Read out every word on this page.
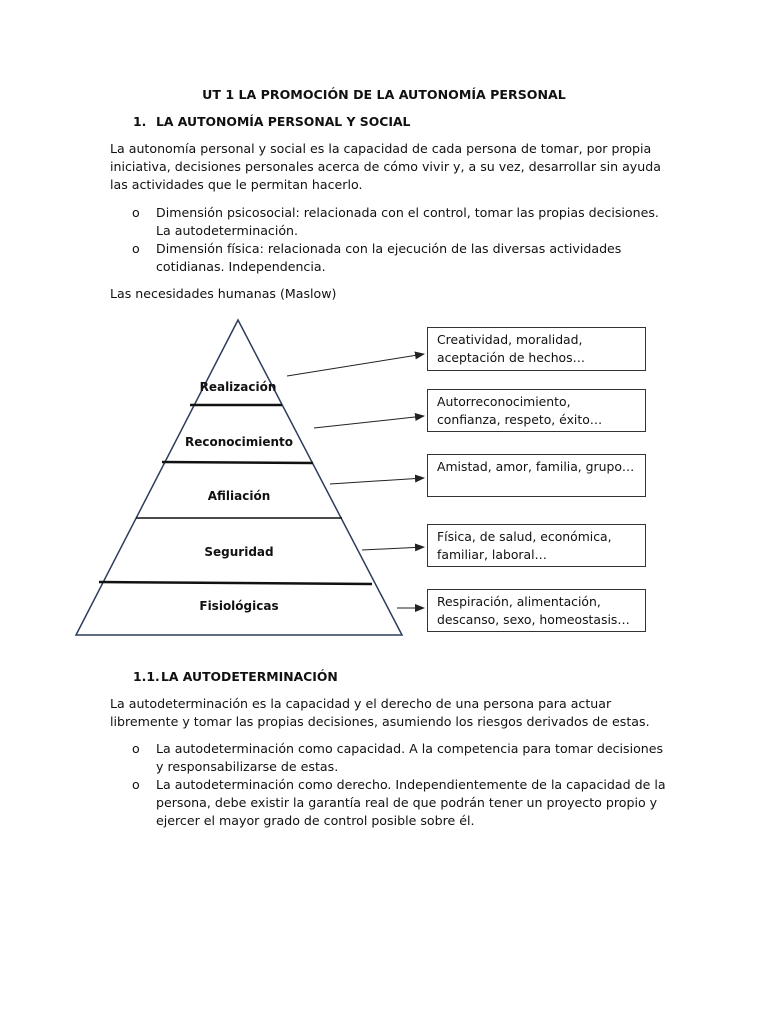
UT 1 LA PROMOCIÓN DE LA AUTONOMÍA PERSONAL
1. LA AUTONOMÍA PERSONAL Y SOCIAL
La autonomía personal y social es la capacidad de cada persona de tomar, por propia iniciativa, decisiones personales acerca de cómo vivir y, a su vez, desarrollar sin ayuda las actividades que le permitan hacerlo.
o Dimensión psicosocial: relacionada con el control, tomar las propias decisiones. La autodeterminación.
o Dimensión física: relacionada con la ejecución de las diversas actividades cotidianas. Independencia.
Las necesidades humanas (Maslow)
Realización
Reconocimiento
Afiliación
Seguridad
Fisiológicas
Creatividad, moralidad, aceptación de hechos…
Autorreconocimiento, confianza, respeto, éxito…
Amistad, amor, familia, grupo…
Física, de salud, económica, familiar, laboral…
Respiración, alimentación, descanso, sexo, homeostasis…
1.1. LA AUTODETERMINACIÓN
La autodeterminación es la capacidad y el derecho de una persona para actuar libremente y tomar las propias decisiones, asumiendo los riesgos derivados de estas.
o La autodeterminación como capacidad. A la competencia para tomar decisiones y responsabilizarse de estas.
o La autodeterminación como derecho. Independientemente de la capacidad de la persona, debe existir la garantía real de que podrán tener un proyecto propio y ejercer el mayor grado de control posible sobre él.
